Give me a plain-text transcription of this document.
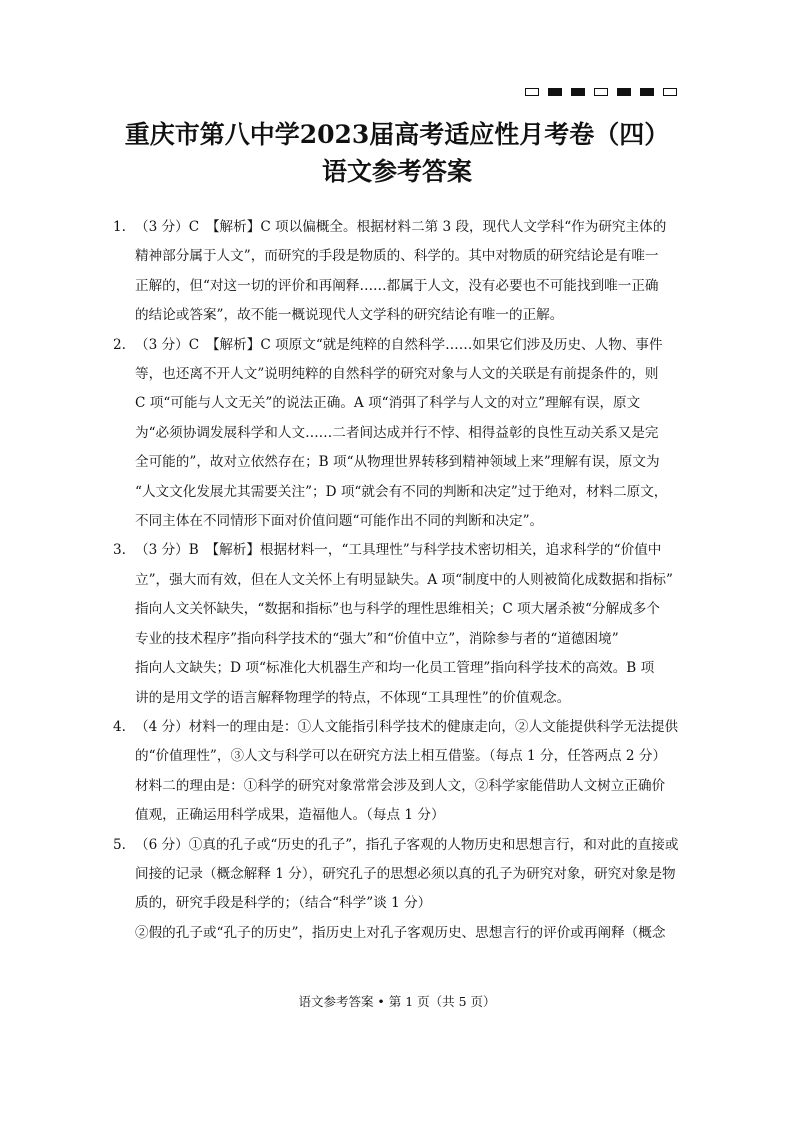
重庆市第八中学2023届高考适应性月考卷（四）
语文参考答案
1. （3 分）C　【解析】C 项以偏概全。根据材料二第 3 段，现代人文学科“作为研究主体的
精神部分属于人文”，而研究的手段是物质的、科学的。其中对物质的研究结论是有唯一
正解的，但“对这一切的评价和再阐释……都属于人文，没有必要也不可能找到唯一正确
的结论或答案”，故不能一概说现代人文学科的研究结论有唯一的正解。
2. （3 分）C　【解析】C 项原文“就是纯粹的自然科学……如果它们涉及历史、人物、事件
等，也还离不开人文”说明纯粹的自然科学的研究对象与人文的关联是有前提条件的，则
C 项“可能与人文无关”的说法正确。A 项“消弭了科学与人文的对立”理解有误，原文
为“必须协调发展科学和人文……二者间达成并行不悖、相得益彰的良性互动关系又是完
全可能的”，故对立依然存在；B 项“从物理世界转移到精神领域上来”理解有误，原文为
“人文文化发展尤其需要关注”；D 项“就会有不同的判断和决定”过于绝对，材料二原文，
不同主体在不同情形下面对价值问题“可能作出不同的判断和决定”。
3. （3 分）B　【解析】根据材料一，“工具理性”与科学技术密切相关，追求科学的“价值中
立”，强大而有效，但在人文关怀上有明显缺失。A 项“制度中的人则被简化成数据和指标”
指向人文关怀缺失，“数据和指标”也与科学的理性思维相关；C 项大屠杀被“分解成多个
专业的技术程序”指向科学技术的“强大”和“价值中立”，消除参与者的“道德困境”
指向人文缺失；D 项“标准化大机器生产和均一化员工管理”指向科学技术的高效。B 项
讲的是用文学的语言解释物理学的特点，不体现“工具理性”的价值观念。
4. （4 分）材料一的理由是：①人文能指引科学技术的健康走向，②人文能提供科学无法提供
的“价值理性”，③人文与科学可以在研究方法上相互借鉴。（每点 1 分，任答两点 2 分）
材料二的理由是：①科学的研究对象常常会涉及到人文，②科学家能借助人文树立正确价
值观，正确运用科学成果，造福他人。（每点 1 分）
5. （6 分）①真的孔子或“历史的孔子”，指孔子客观的人物历史和思想言行，和对此的直接或
间接的记录（概念解释 1 分），研究孔子的思想必须以真的孔子为研究对象，研究对象是物
质的，研究手段是科学的；（结合“科学”谈 1 分）
②假的孔子或“孔子的历史”，指历史上对孔子客观历史、思想言行的评价或再阐释（概念
语文参考答案 • 第 1 页（共 5 页）
